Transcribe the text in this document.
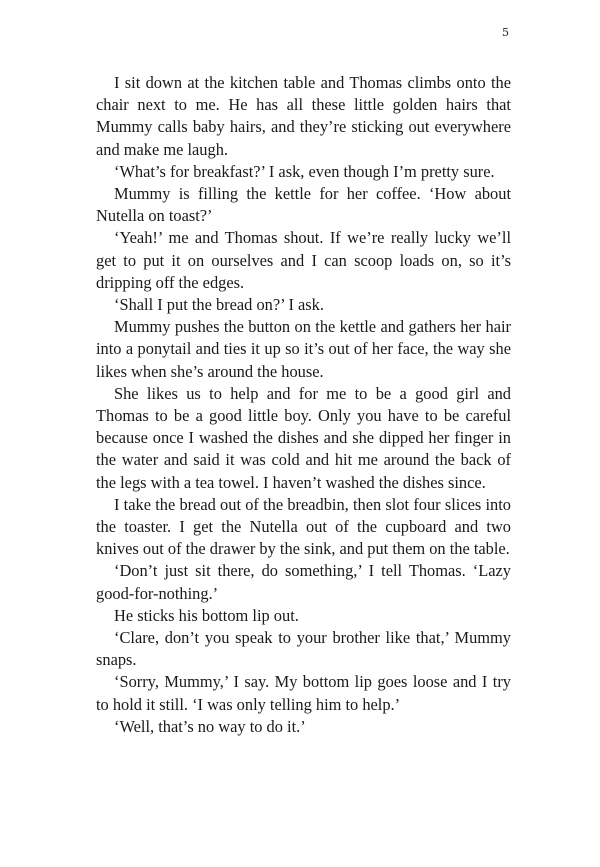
5

I sit down at the kitchen table and Thomas climbs onto the chair next to me. He has all these little golden hairs that Mummy calls baby hairs, and they’re sticking out everywhere and make me laugh.

‘What’s for breakfast?’ I ask, even though I’m pretty sure.

Mummy is filling the kettle for her coffee. ‘How about Nutella on toast?’

‘Yeah!’ me and Thomas shout. If we’re really lucky we’ll get to put it on ourselves and I can scoop loads on, so it’s dripping off the edges.

‘Shall I put the bread on?’ I ask.

Mummy pushes the button on the kettle and gathers her hair into a ponytail and ties it up so it’s out of her face, the way she likes when she’s around the house.

She likes us to help and for me to be a good girl and Thomas to be a good little boy. Only you have to be careful because once I washed the dishes and she dipped her finger in the water and said it was cold and hit me around the back of the legs with a tea towel. I haven’t washed the dishes since.

I take the bread out of the breadbin, then slot four slices into the toaster. I get the Nutella out of the cupboard and two knives out of the drawer by the sink, and put them on the table.

‘Don’t just sit there, do something,’ I tell Thomas. ‘Lazy good-for-nothing.’

He sticks his bottom lip out.

‘Clare, don’t you speak to your brother like that,’ Mummy snaps.

‘Sorry, Mummy,’ I say. My bottom lip goes loose and I try to hold it still. ‘I was only telling him to help.’

‘Well, that’s no way to do it.’
